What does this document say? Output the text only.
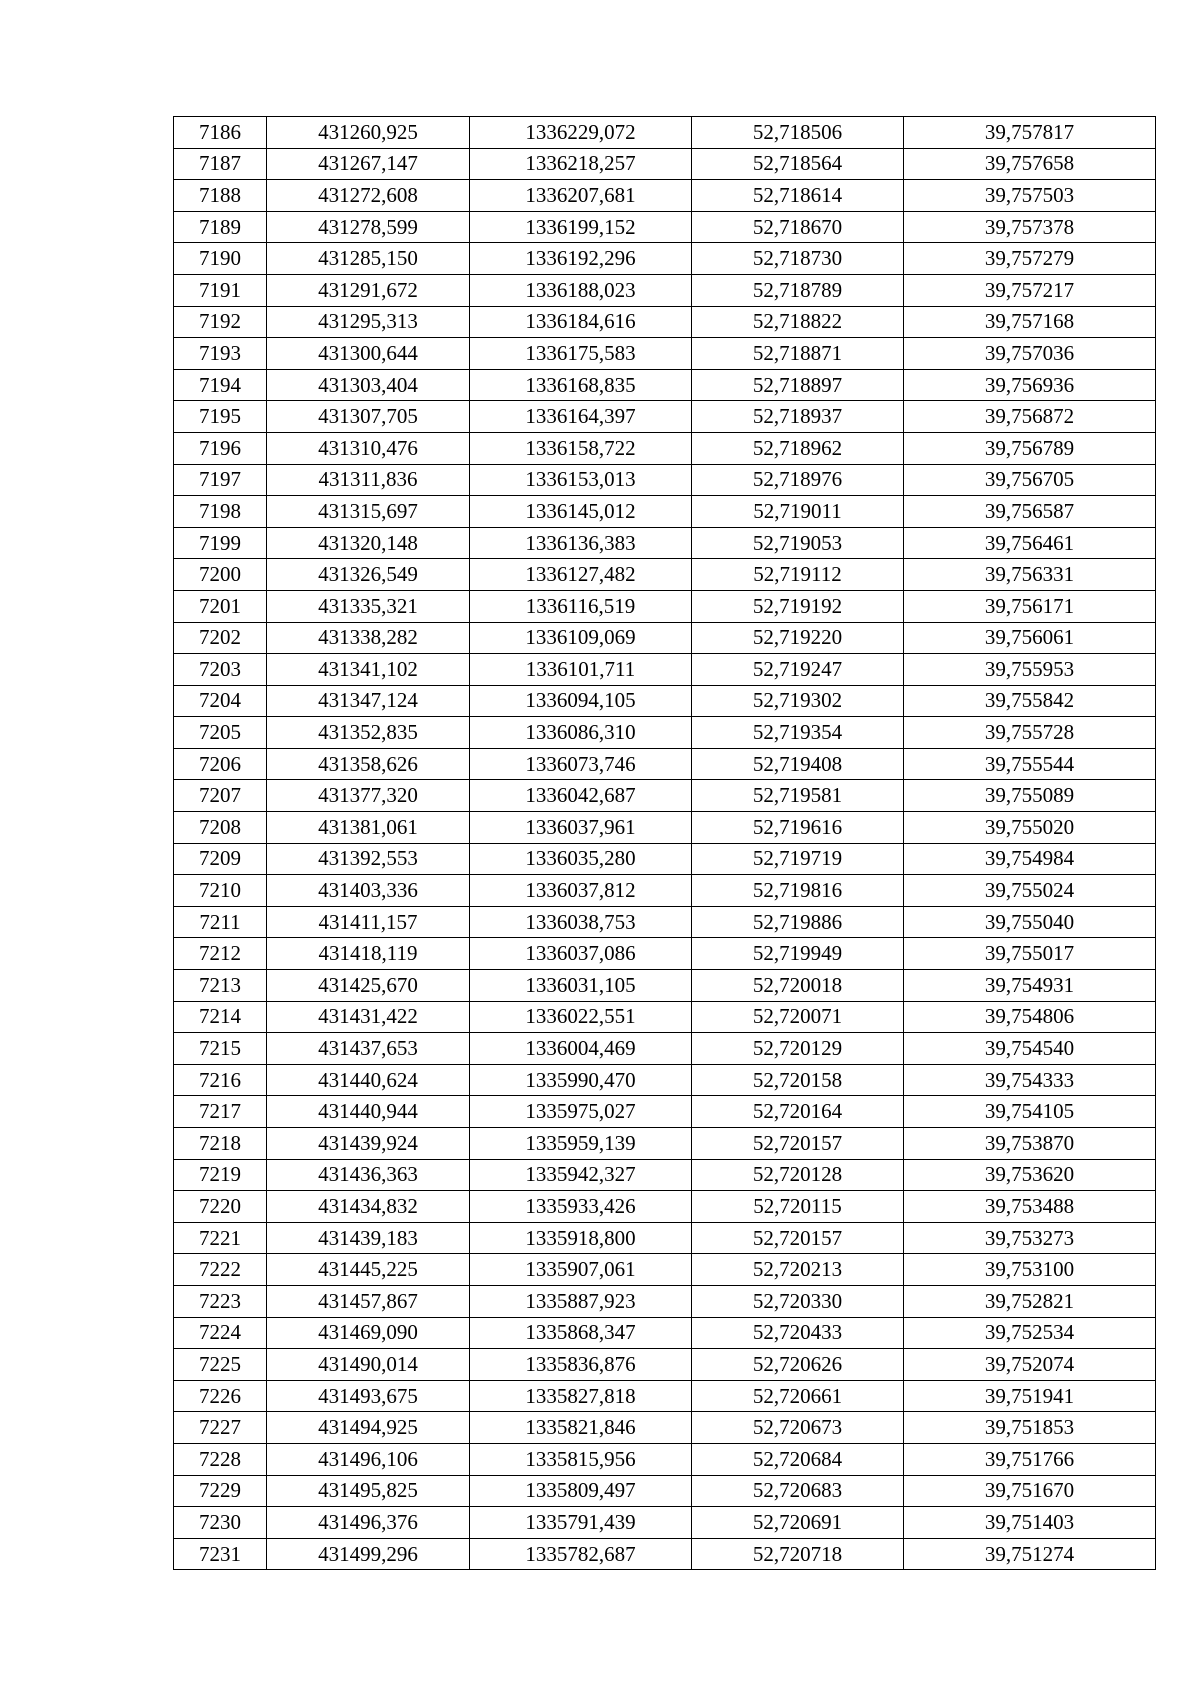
7186	431260,925	1336229,072	52,718506	39,757817
7187	431267,147	1336218,257	52,718564	39,757658
7188	431272,608	1336207,681	52,718614	39,757503
7189	431278,599	1336199,152	52,718670	39,757378
7190	431285,150	1336192,296	52,718730	39,757279
7191	431291,672	1336188,023	52,718789	39,757217
7192	431295,313	1336184,616	52,718822	39,757168
7193	431300,644	1336175,583	52,718871	39,757036
7194	431303,404	1336168,835	52,718897	39,756936
7195	431307,705	1336164,397	52,718937	39,756872
7196	431310,476	1336158,722	52,718962	39,756789
7197	431311,836	1336153,013	52,718976	39,756705
7198	431315,697	1336145,012	52,719011	39,756587
7199	431320,148	1336136,383	52,719053	39,756461
7200	431326,549	1336127,482	52,719112	39,756331
7201	431335,321	1336116,519	52,719192	39,756171
7202	431338,282	1336109,069	52,719220	39,756061
7203	431341,102	1336101,711	52,719247	39,755953
7204	431347,124	1336094,105	52,719302	39,755842
7205	431352,835	1336086,310	52,719354	39,755728
7206	431358,626	1336073,746	52,719408	39,755544
7207	431377,320	1336042,687	52,719581	39,755089
7208	431381,061	1336037,961	52,719616	39,755020
7209	431392,553	1336035,280	52,719719	39,754984
7210	431403,336	1336037,812	52,719816	39,755024
7211	431411,157	1336038,753	52,719886	39,755040
7212	431418,119	1336037,086	52,719949	39,755017
7213	431425,670	1336031,105	52,720018	39,754931
7214	431431,422	1336022,551	52,720071	39,754806
7215	431437,653	1336004,469	52,720129	39,754540
7216	431440,624	1335990,470	52,720158	39,754333
7217	431440,944	1335975,027	52,720164	39,754105
7218	431439,924	1335959,139	52,720157	39,753870
7219	431436,363	1335942,327	52,720128	39,753620
7220	431434,832	1335933,426	52,720115	39,753488
7221	431439,183	1335918,800	52,720157	39,753273
7222	431445,225	1335907,061	52,720213	39,753100
7223	431457,867	1335887,923	52,720330	39,752821
7224	431469,090	1335868,347	52,720433	39,752534
7225	431490,014	1335836,876	52,720626	39,752074
7226	431493,675	1335827,818	52,720661	39,751941
7227	431494,925	1335821,846	52,720673	39,751853
7228	431496,106	1335815,956	52,720684	39,751766
7229	431495,825	1335809,497	52,720683	39,751670
7230	431496,376	1335791,439	52,720691	39,751403
7231	431499,296	1335782,687	52,720718	39,751274
